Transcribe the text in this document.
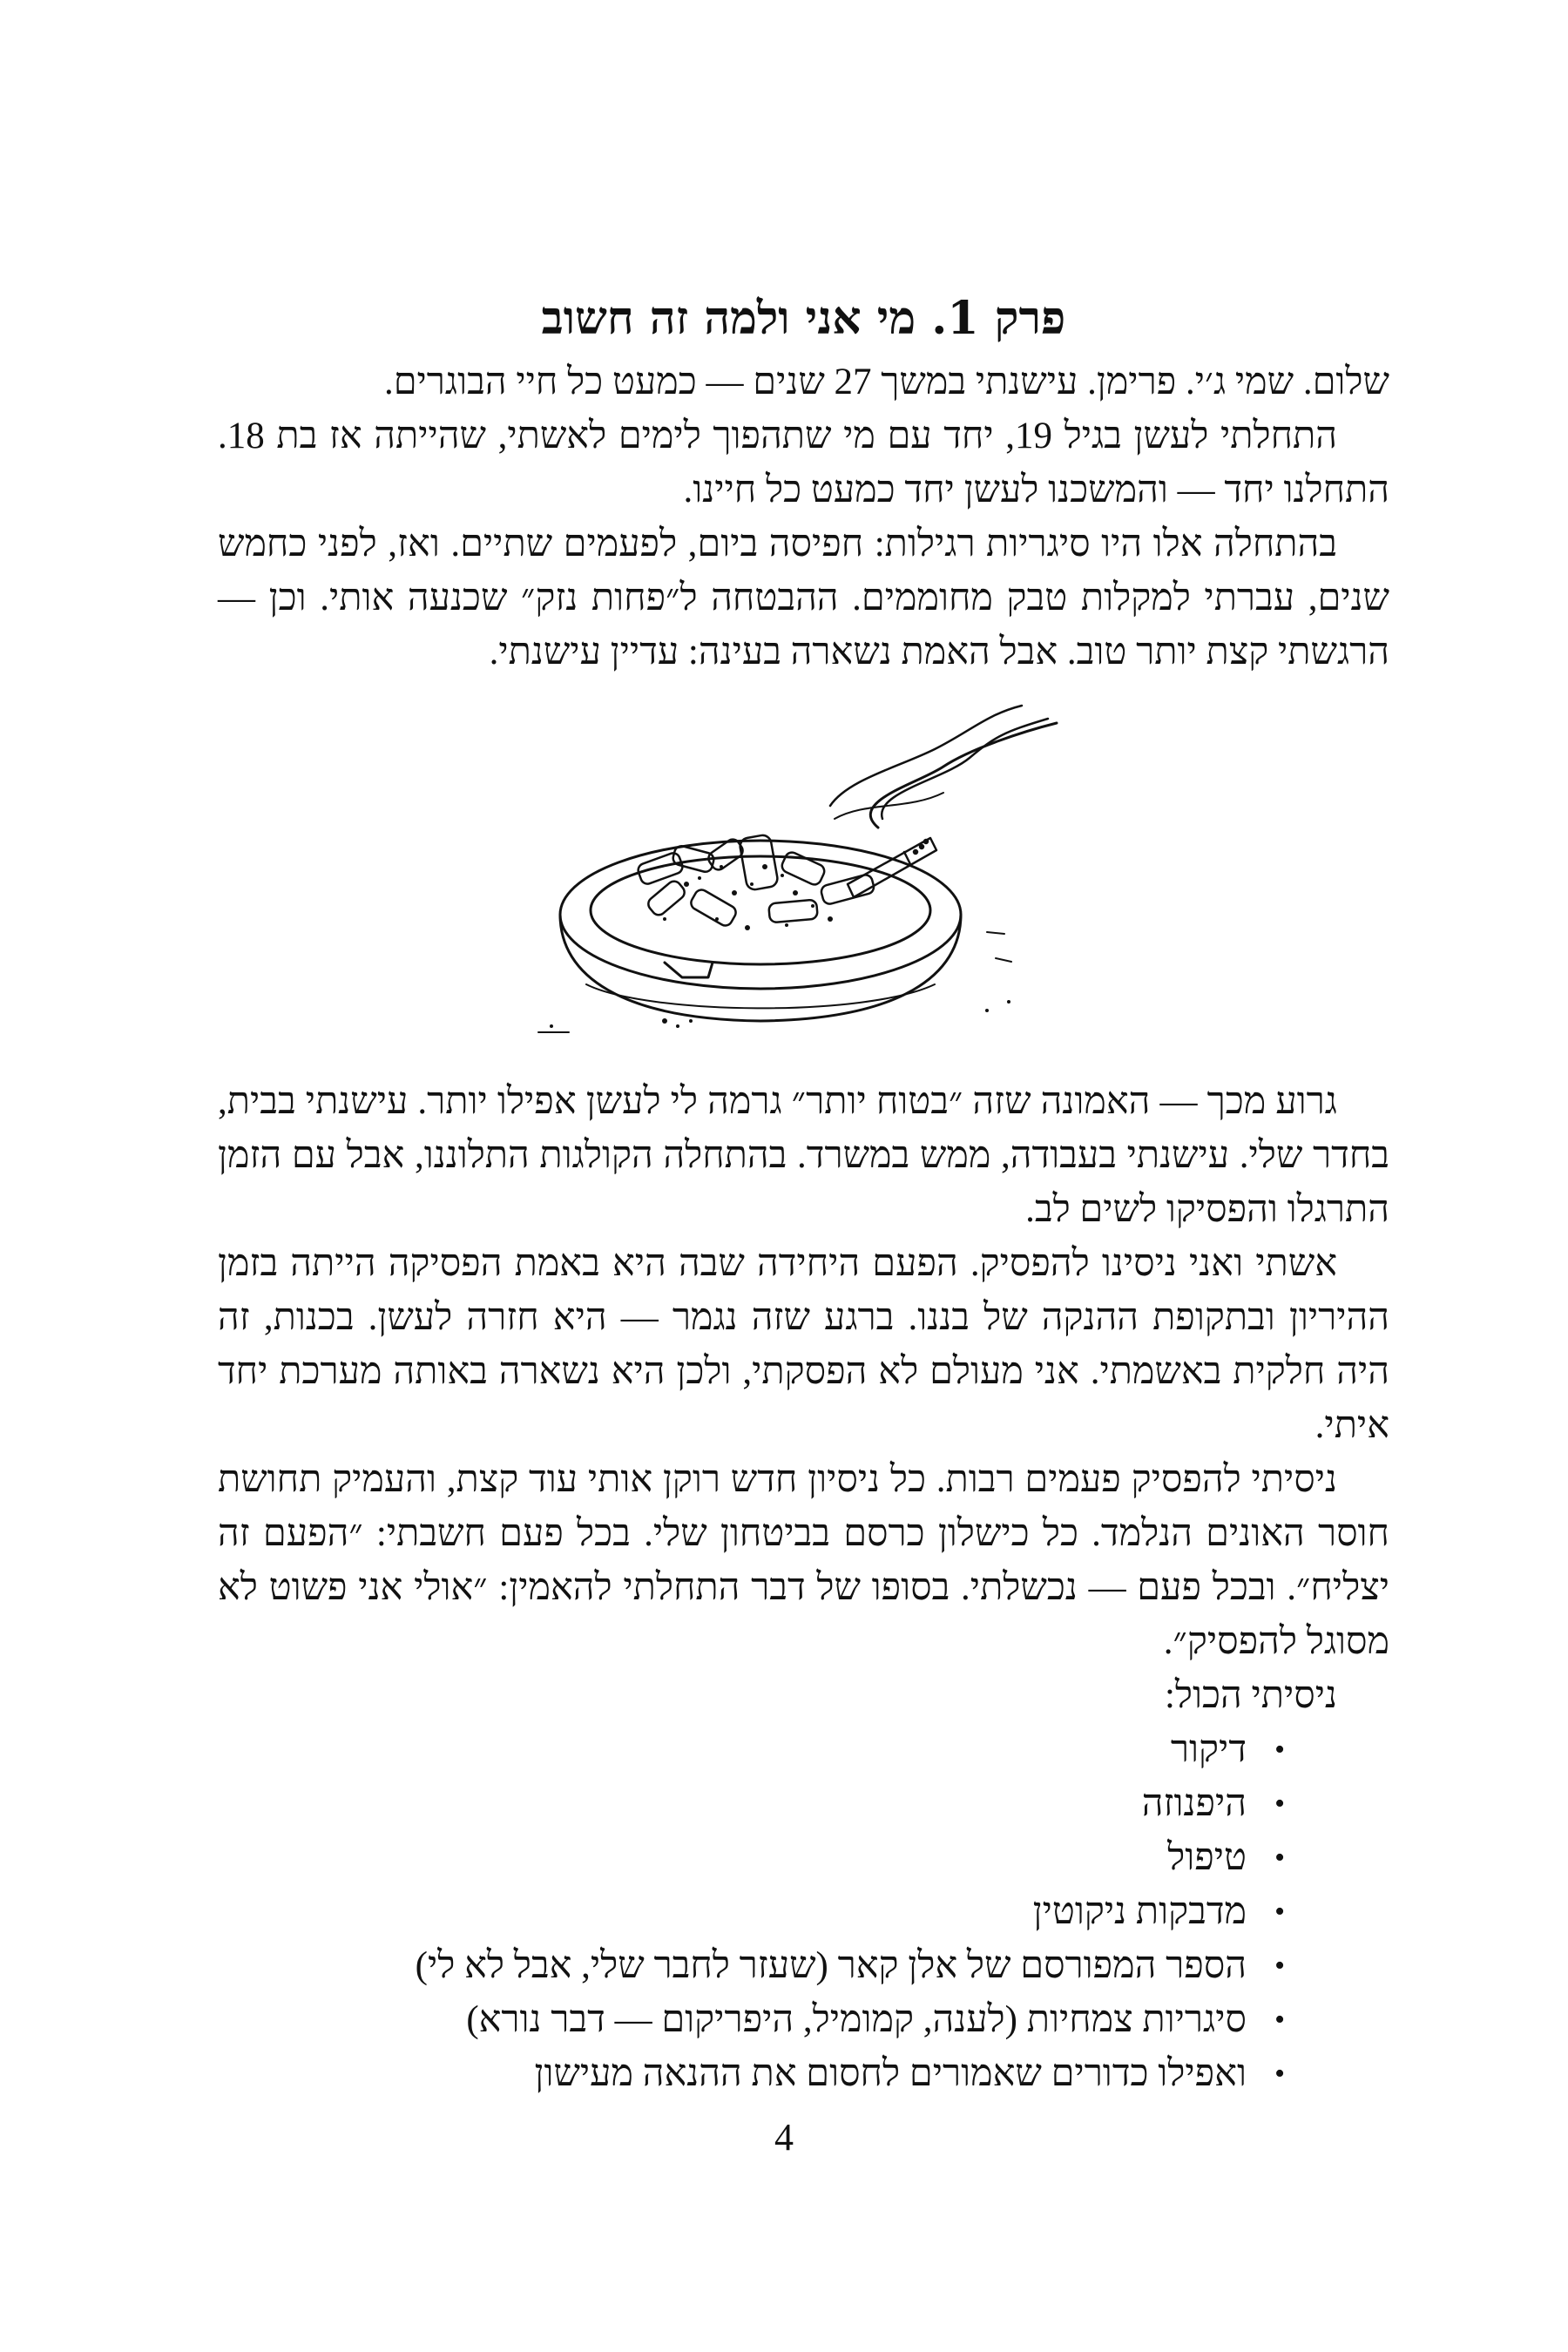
פרק 1. מי אני ולמה זה חשוב

שלום. שמי ג׳י. פרימן. עישנתי במשך 27 שנים — כמעט כל חיי הבוגרים.

התחלתי לעשן בגיל 19, יחד עם מי שתהפוך לימים לאשתי, שהייתה אז בת 18. התחלנו יחד — והמשכנו לעשן יחד כמעט כל חיינו.

בהתחלה אלו היו סיגריות רגילות: חפיסה ביום, לפעמים שתיים. ואז, לפני כחמש שנים, עברתי למקלות טבק מחוממים. ההבטחה ל״פחות נזק״ שכנעה אותי. וכן — הרגשתי קצת יותר טוב. אבל האמת נשארה בעינה: עדיין עישנתי.

גרוע מכך — האמונה שזה ״בטוח יותר״ גרמה לי לעשן אפילו יותר. עישנתי בבית, בחדר שלי. עישנתי בעבודה, ממש במשרד. בהתחלה הקולגות התלוננו, אבל עם הזמן התרגלו והפסיקו לשים לב.

אשתי ואני ניסינו להפסיק. הפעם היחידה שבה היא באמת הפסיקה הייתה בזמן ההיריון ובתקופת ההנקה של בננו. ברגע שזה נגמר — היא חזרה לעשן. בכנות, זה היה חלקית באשמתי. אני מעולם לא הפסקתי, ולכן היא נשארה באותה מערכת יחד איתי.

ניסיתי להפסיק פעמים רבות. כל ניסיון חדש רוקן אותי עוד קצת, והעמיק תחושת חוסר האונים הנלמד. כל כישלון כרסם בביטחון שלי. בכל פעם חשבתי: ״הפעם זה יצליח״. ובכל פעם — נכשלתי. בסופו של דבר התחלתי להאמין: ״אולי אני פשוט לא מסוגל להפסיק״.

ניסיתי הכול:

•
דיקור
•
היפנוזה
•
טיפול
•
מדבקות ניקוטין
•
הספר המפורסם של אלן קאר (שעזר לחבר שלי, אבל לא לי)
•
סיגריות צמחיות (לענה, קמומיל, היפריקום — דבר נורא)
•
ואפילו כדורים שאמורים לחסום את ההנאה מעישון
4
